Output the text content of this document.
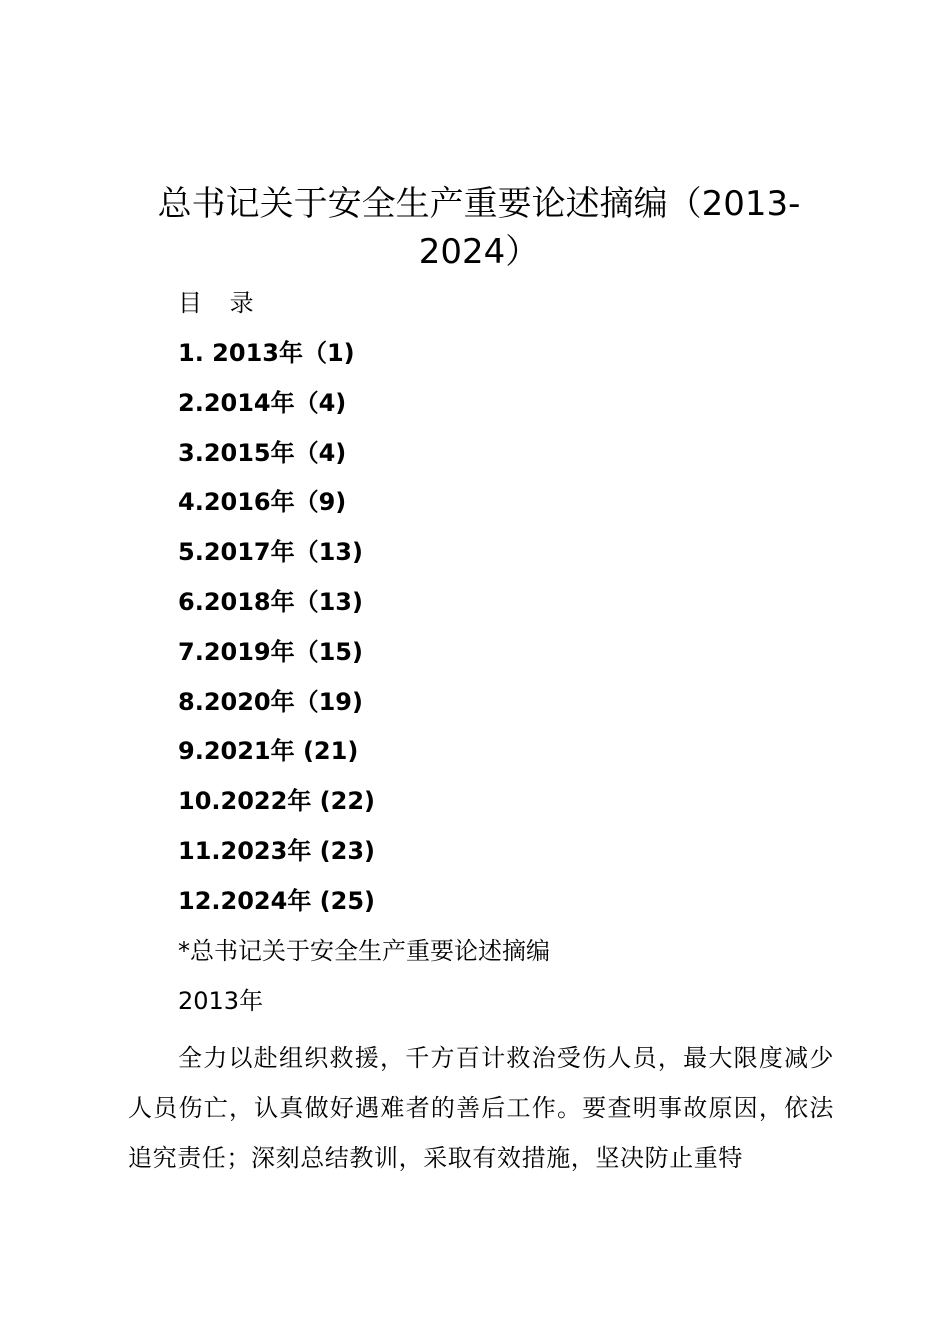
总书记关于安全生产重要论述摘编（2013-2024）
目 录
1. 2013年（1)
2.2014年（4)
3.2015年（4)
4.2016年（9)
5.2017年（13)
6.2018年（13)
7.2019年（15)
8.2020年（19)
9.2021年 (21)
10.2022年 (22)
11.2023年 (23)
12.2024年 (25)
*总书记关于安全生产重要论述摘编
2013年
全力以赴组织救援，千方百计救治受伤人员，最大限度减少人员伤亡，认真做好遇难者的善后工作。要查明事故原因，依法追究责任；深刻总结教训，采取有效措施，坚决防止重特
